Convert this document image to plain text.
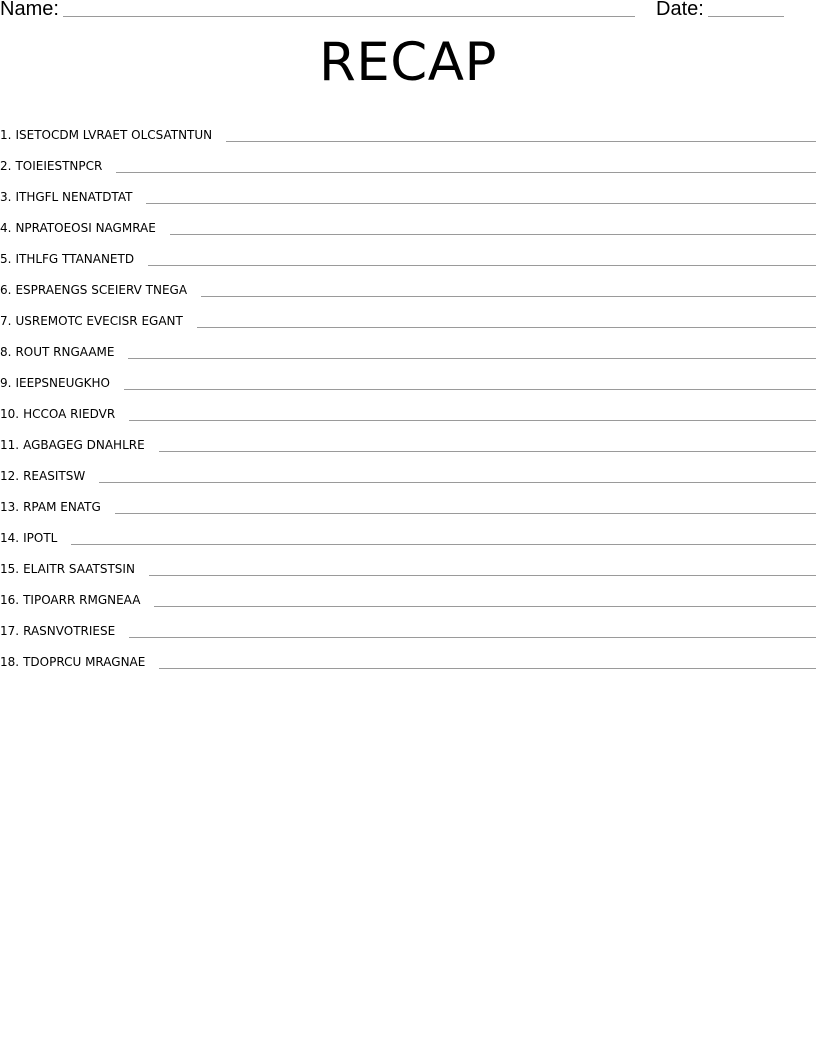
Name:	Date:
RECAP
1. ISETOCDM LVRAET OLCSATNTUN
2. TOIEIESTNPCR
3. ITHGFL NENATDTAT
4. NPRATOEOSI NAGMRAE
5. ITHLFG TTANANETD
6. ESPRAENGS SCEIERV TNEGA
7. USREMOTC EVECISR EGANT
8. ROUT RNGAAME
9. IEEPSNEUGKHO
10. HCCOA RIEDVR
11. AGBAGEG DNAHLRE
12. REASITSW
13. RPAM ENATG
14. IPOTL
15. ELAITR SAATSTSIN
16. TIPOARR RMGNEAA
17. RASNVOTRIESE
18. TDOPRCU MRAGNAE
